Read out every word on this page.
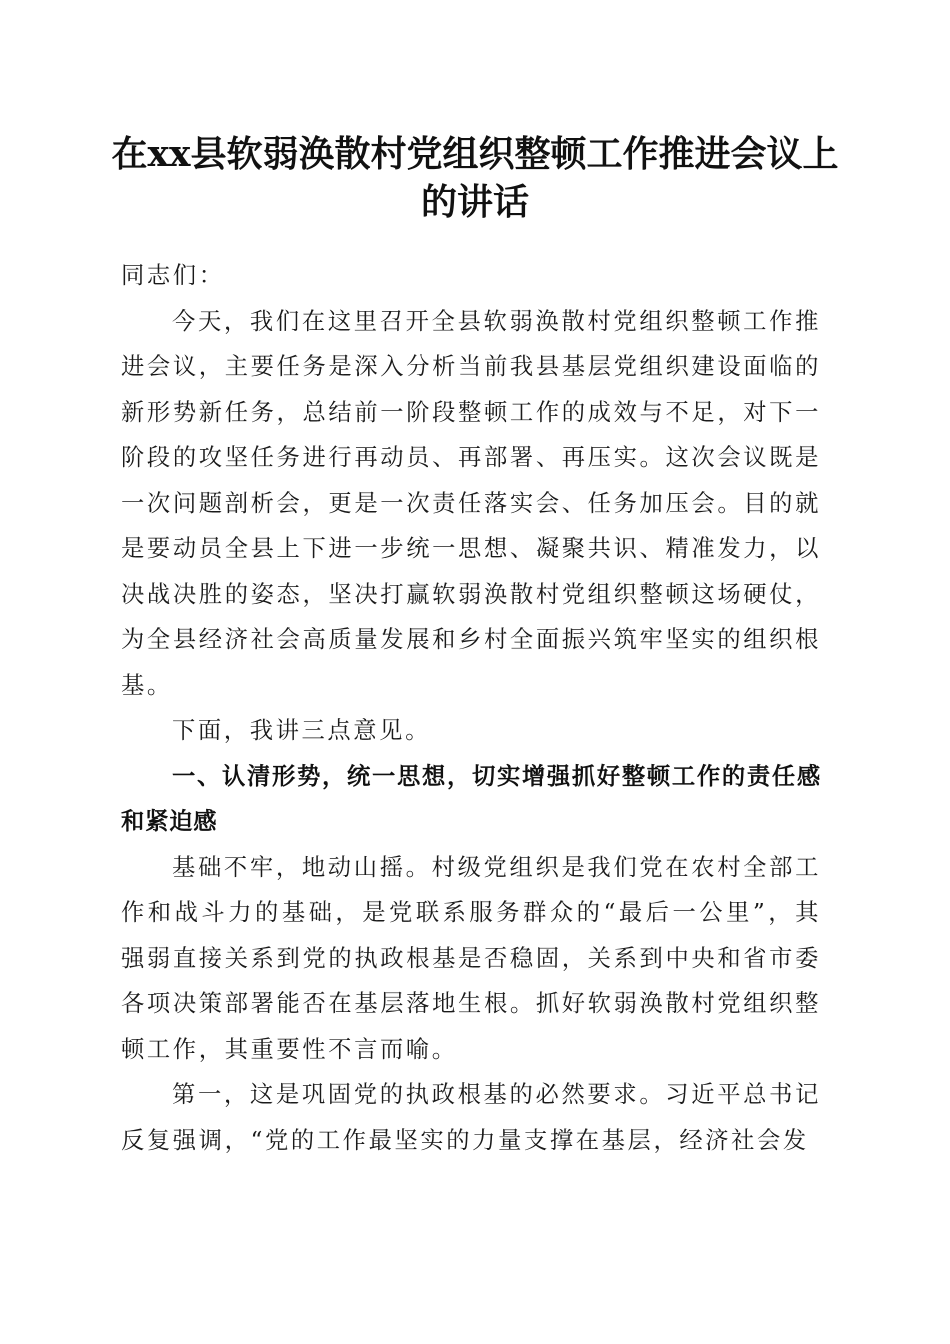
在xx县软弱涣散村党组织整顿工作推进会议上的讲话

同志们：

今天，我们在这里召开全县软弱涣散村党组织整顿工作推进会议，主要任务是深入分析当前我县基层党组织建设面临的新形势新任务，总结前一阶段整顿工作的成效与不足，对下一阶段的攻坚任务进行再动员、再部署、再压实。这次会议既是一次问题剖析会，更是一次责任落实会、任务加压会。目的就是要动员全县上下进一步统一思想、凝聚共识、精准发力，以决战决胜的姿态，坚决打赢软弱涣散村党组织整顿这场硬仗，为全县经济社会高质量发展和乡村全面振兴筑牢坚实的组织根基。

下面，我讲三点意见。

一、认清形势，统一思想，切实增强抓好整顿工作的责任感和紧迫感

基础不牢，地动山摇。村级党组织是我们党在农村全部工作和战斗力的基础，是党联系服务群众的“最后一公里”，其强弱直接关系到党的执政根基是否稳固，关系到中央和省市委各项决策部署能否在基层落地生根。抓好软弱涣散村党组织整顿工作，其重要性不言而喻。

第一，这是巩固党的执政根基的必然要求。习近平总书记反复强调，“党的工作最坚实的力量支撑在基层，经济社会发
